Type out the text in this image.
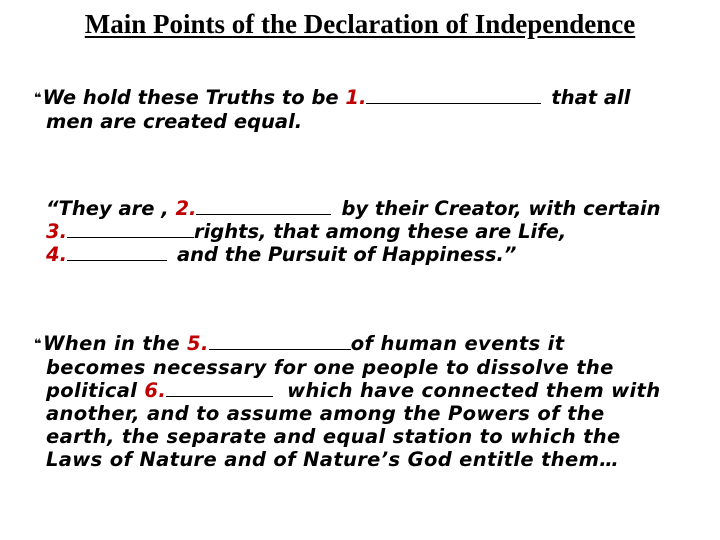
Main Points of the Declaration of Independence

❝We hold these Truths to be 1.	that all
men are created equal.

“They are , 2.	by their Creator, with certain
3.	rights, that among these are Life,
4.	and the Pursuit of Happiness.”

❝When in the 5.	of human events it
becomes necessary for one people to dissolve the
political 6.	which have connected them with
another, and to assume among the Powers of the
earth, the separate and equal station to which the
Laws of Nature and of Nature’s God entitle them…
